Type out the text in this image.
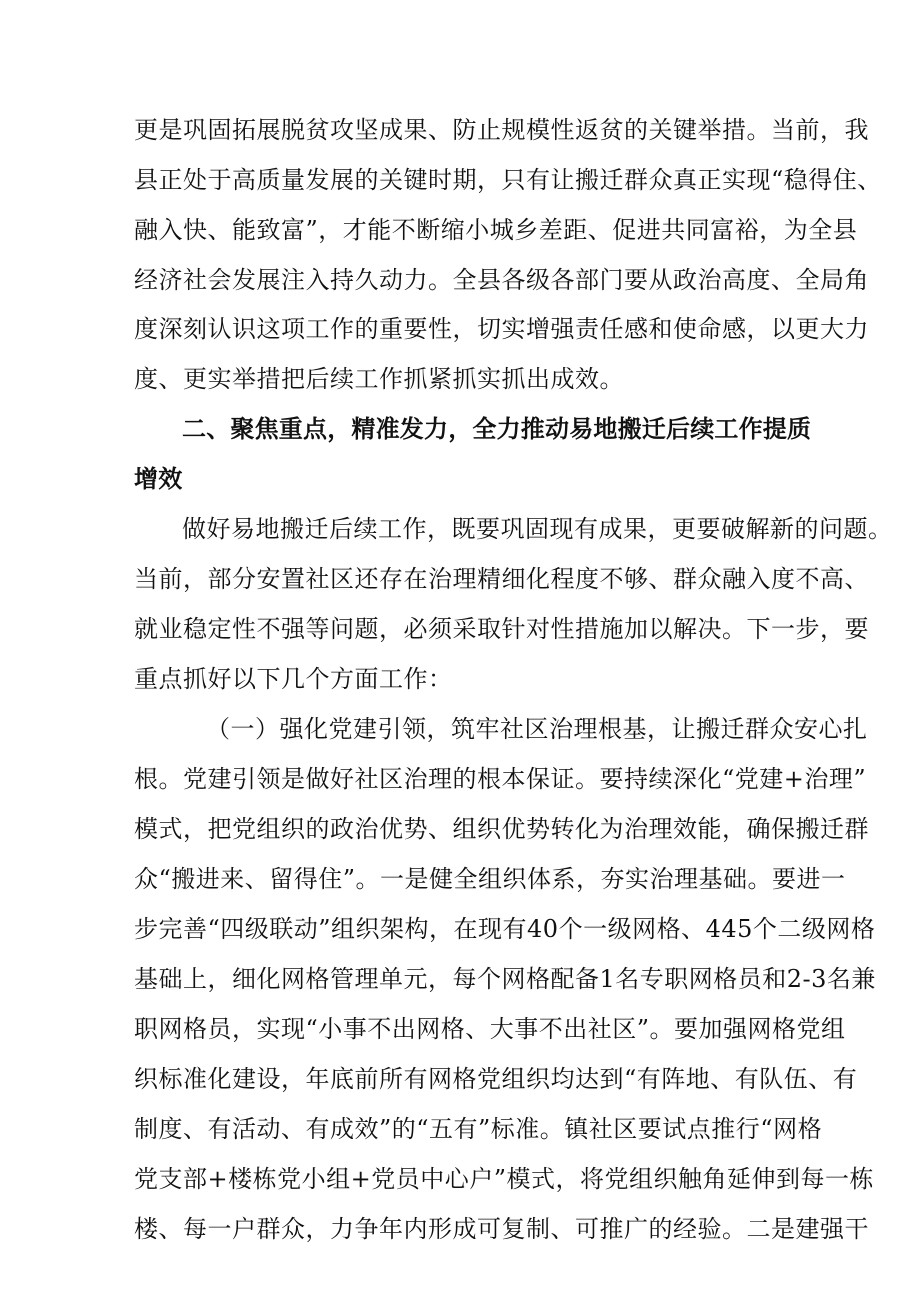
更是巩固拓展脱贫攻坚成果、防止规模性返贫的关键举措。当前，我
县正处于高质量发展的关键时期，只有让搬迁群众真正实现“稳得住、
融入快、能致富”，才能不断缩小城乡差距、促进共同富裕，为全县
经济社会发展注入持久动力。全县各级各部门要从政治高度、全局角
度深刻认识这项工作的重要性，切实增强责任感和使命感，以更大力
度、更实举措把后续工作抓紧抓实抓出成效。
二、聚焦重点，精准发力，全力推动易地搬迁后续工作提质
增效
做好易地搬迁后续工作，既要巩固现有成果，更要破解新的问题。
当前，部分安置社区还存在治理精细化程度不够、群众融入度不高、
就业稳定性不强等问题，必须采取针对性措施加以解决。下一步，要
重点抓好以下几个方面工作：
（一）强化党建引领，筑牢社区治理根基，让搬迁群众安心扎
根。党建引领是做好社区治理的根本保证。要持续深化“党建+治理”
模式，把党组织的政治优势、组织优势转化为治理效能，确保搬迁群
众“搬进来、留得住”。一是健全组织体系，夯实治理基础。要进一
步完善“四级联动”组织架构，在现有40个一级网格、445个二级网格
基础上，细化网格管理单元，每个网格配备1名专职网格员和2-3名兼
职网格员，实现“小事不出网格、大事不出社区”。要加强网格党组
织标准化建设，年底前所有网格党组织均达到“有阵地、有队伍、有
制度、有活动、有成效”的“五有”标准。镇社区要试点推行“网格
党支部+楼栋党小组+党员中心户”模式，将党组织触角延伸到每一栋
楼、每一户群众，力争年内形成可复制、可推广的经验。二是建强干
